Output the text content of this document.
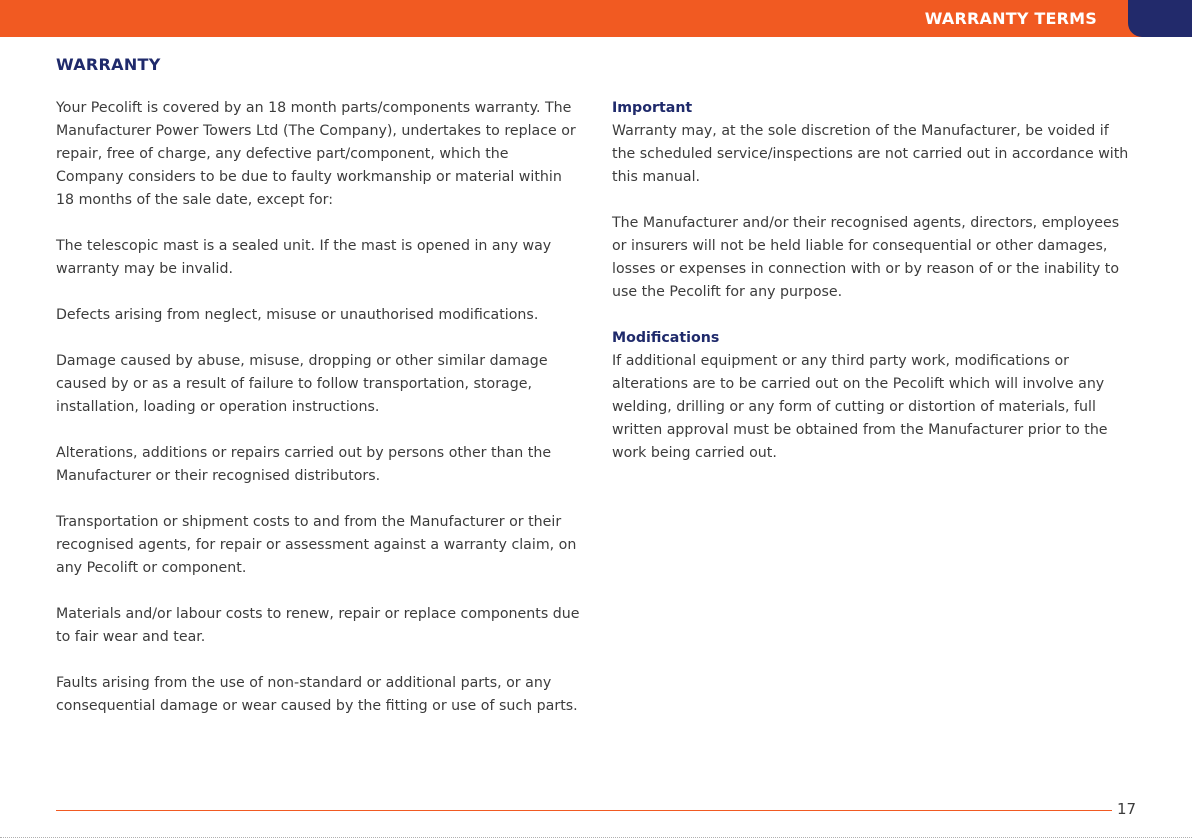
WARRANTY TERMS
WARRANTY

Your Pecolift is covered by an 18 month parts/components warranty. The Manufacturer Power Towers Ltd (The Company), undertakes to replace or repair, free of charge, any defective part/component, which the Company considers to be due to faulty workmanship or material within 18 months of the sale date, except for:

The telescopic mast is a sealed unit. If the mast is opened in any way warranty may be invalid.

Defects arising from neglect, misuse or unauthorised modifications.

Damage caused by abuse, misuse, dropping or other similar damage caused by or as a result of failure to follow transportation, storage, installation, loading or operation instructions.

Alterations, additions or repairs carried out by persons other than the Manufacturer or their recognised distributors.

Transportation or shipment costs to and from the Manufacturer or their recognised agents, for repair or assessment against a warranty claim, on any Pecolift or component.

Materials and/or labour costs to renew, repair or replace components due to fair wear and tear.

Faults arising from the use of non-standard or additional parts, or any consequential damage or wear caused by the fitting or use of such parts.

Important
Warranty may, at the sole discretion of the Manufacturer, be voided if the scheduled service/inspections are not carried out in accordance with this manual.

The Manufacturer and/or their recognised agents, directors, employees or insurers will not be held liable for consequential or other damages, losses or expenses in connection with or by reason of or the inability to use the Pecolift for any purpose.

Modifications
If additional equipment or any third party work, modifications or alterations are to be carried out on the Pecolift which will involve any welding, drilling or any form of cutting or distortion of materials, full written approval must be obtained from the Manufacturer prior to the work being carried out.

17
